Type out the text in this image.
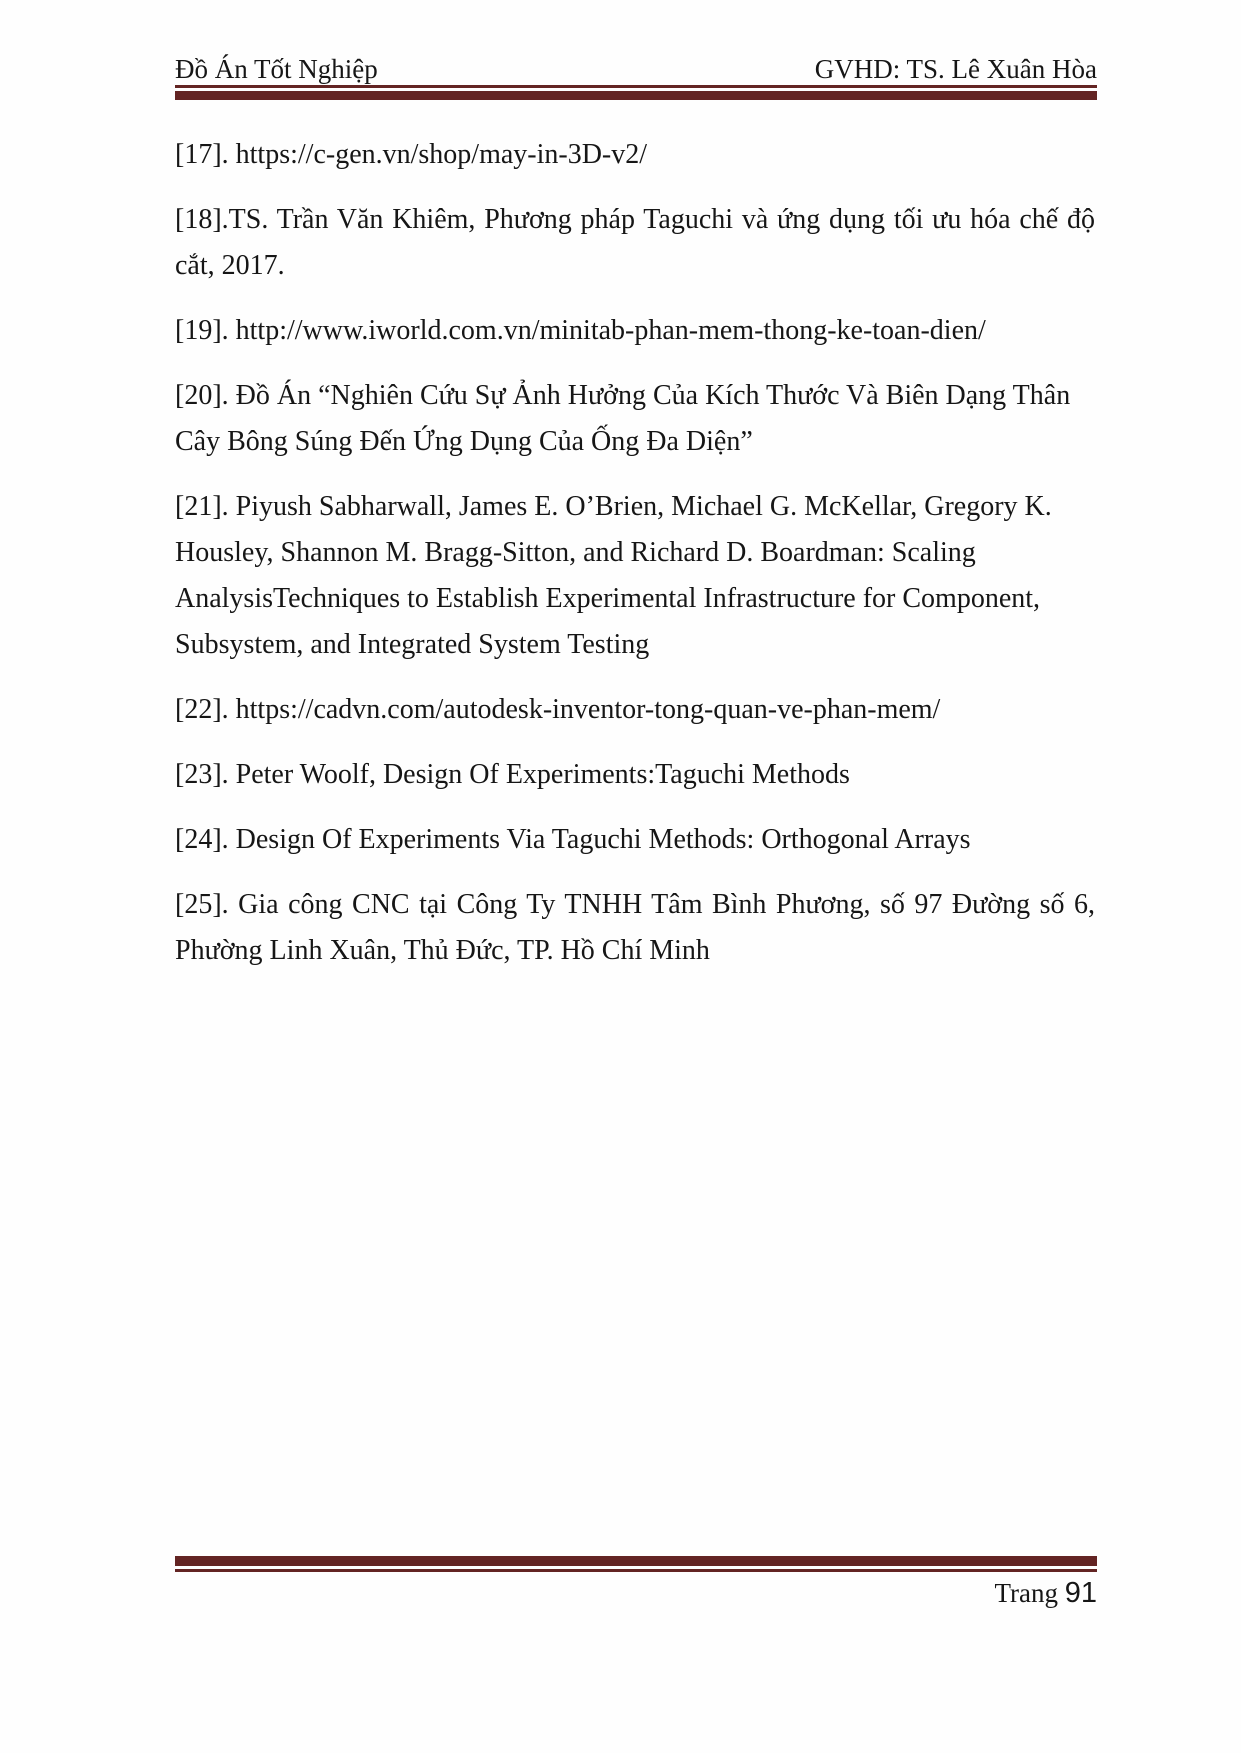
Đồ Án Tốt Nghiệp	GVHD: TS. Lê Xuân Hòa

[17]. https://c-gen.vn/shop/may-in-3D-v2/

[18].TS. Trần Văn Khiêm, Phương pháp Taguchi và ứng dụng tối ưu hóa chế độ cắt, 2017.

[19]. http://www.iworld.com.vn/minitab-phan-mem-thong-ke-toan-dien/

[20]. Đồ Án “Nghiên Cứu Sự Ảnh Hưởng Của Kích Thước Và Biên Dạng Thân Cây Bông Súng Đến Ứng Dụng Của Ống Đa Diện”

[21]. Piyush Sabharwall, James E. O’Brien, Michael G. McKellar, Gregory K. Housley, Shannon M. Bragg-Sitton, and Richard D. Boardman: Scaling AnalysisTechniques to Establish Experimental Infrastructure for Component, Subsystem, and Integrated System Testing

[22]. https://cadvn.com/autodesk-inventor-tong-quan-ve-phan-mem/

[23]. Peter Woolf, Design Of Experiments:Taguchi Methods

[24]. Design Of Experiments Via Taguchi Methods: Orthogonal Arrays

[25]. Gia công CNC tại Công Ty TNHH Tâm Bình Phương, số 97 Đường số 6, Phường Linh Xuân, Thủ Đức, TP. Hồ Chí Minh

Trang 91
